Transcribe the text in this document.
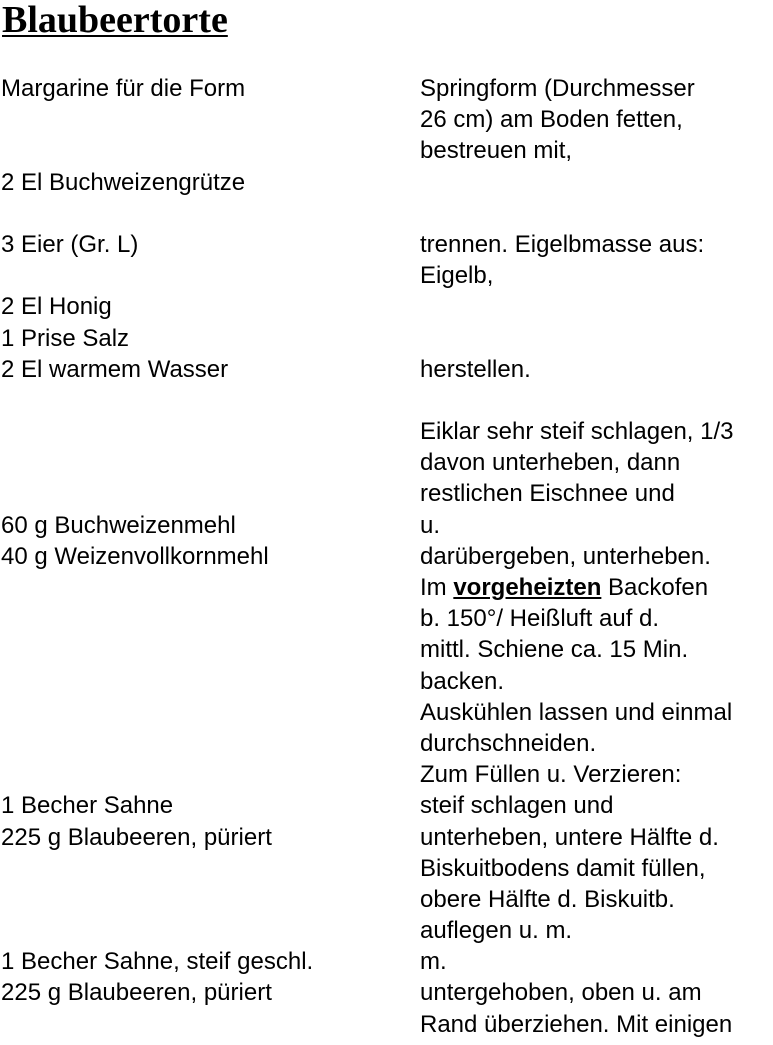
Blaubeertorte
Margarine für die Form
2 El Buchweizengrütze
3 Eier (Gr. L)
2 El Honig
1 Prise Salz
2 El warmem Wasser
60 g Buchweizenmehl
40 g Weizenvollkornmehl
1 Becher Sahne
225 g Blaubeeren, püriert
1 Becher Sahne, steif geschl.
225 g Blaubeeren, püriert
Springform (Durchmesser
26 cm) am Boden fetten,
bestreuen mit,
trennen. Eigelbmasse aus:
Eigelb,
herstellen.
Eiklar sehr steif schlagen, 1/3
davon unterheben, dann
restlichen Eischnee und
u.
darübergeben, unterheben.
Im vorgeheizten Backofen
b. 150°/ Heißluft auf d.
mittl. Schiene ca. 15 Min.
backen.
Auskühlen lassen und einmal
durchschneiden.
Zum Füllen u. Verzieren:
steif schlagen und
unterheben, untere Hälfte d.
Biskuitbodens damit füllen,
obere Hälfte d. Biskuitb.
auflegen u. m.
m.
untergehoben, oben u. am
Rand überziehen. Mit einigen
